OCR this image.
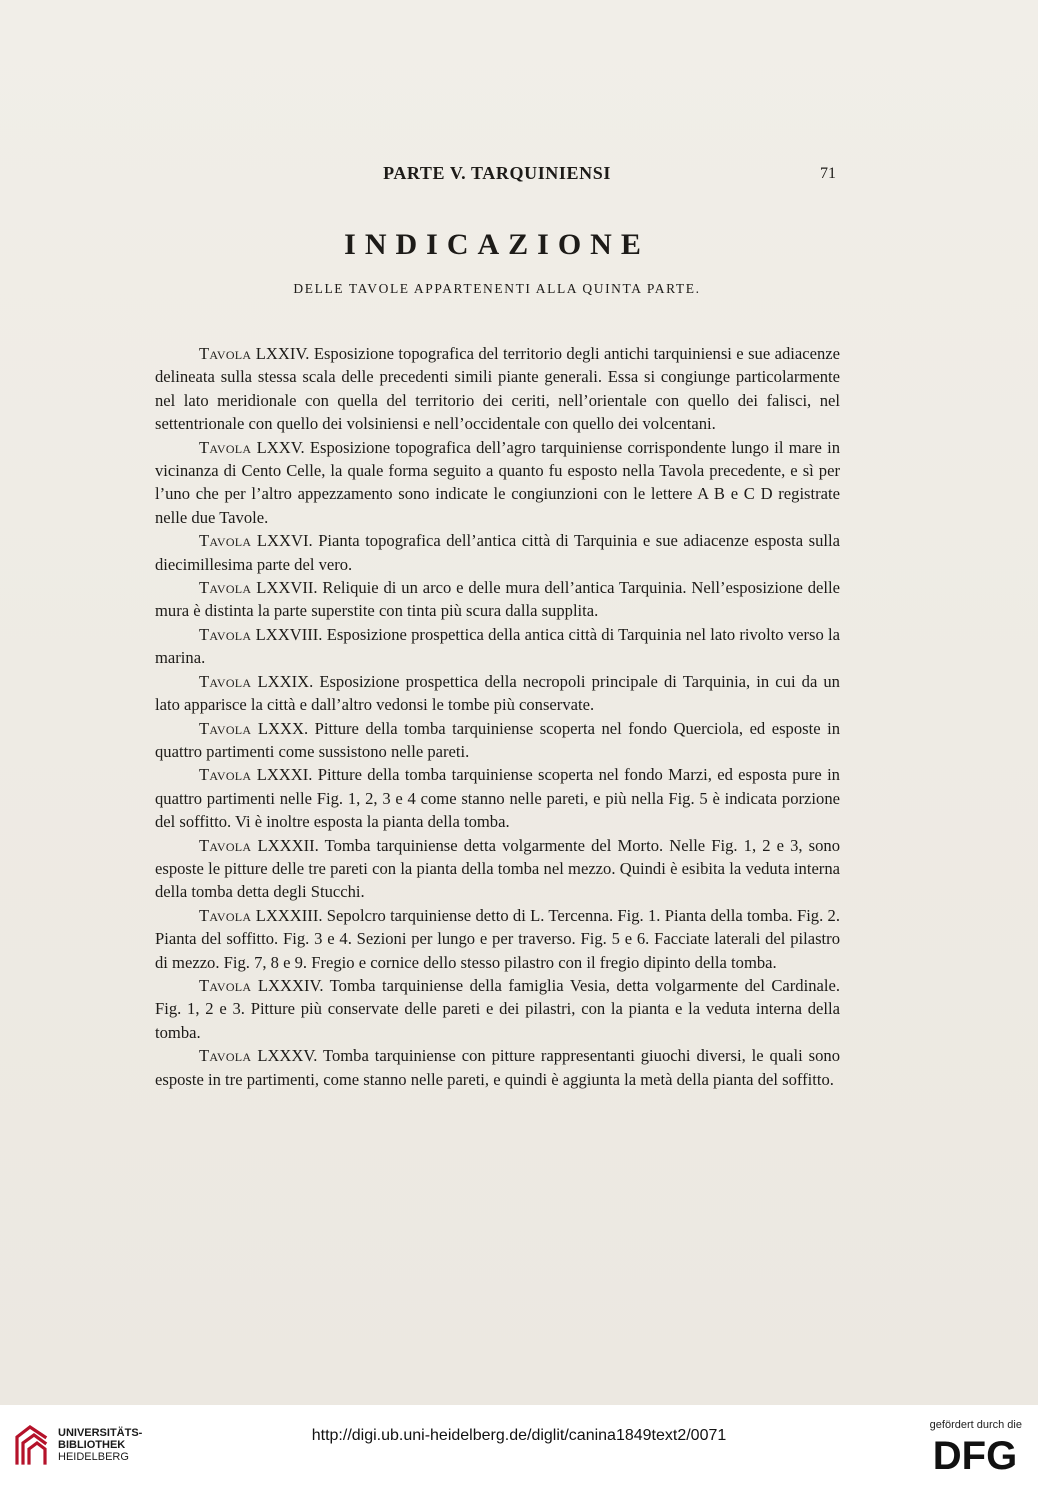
PARTE V. TARQUINIENSI	71
INDICAZIONE
DELLE TAVOLE APPARTENENTI ALLA QUINTA PARTE.

Tavola LXXIV. Esposizione topografica del territorio degli antichi tarquiniensi e sue adiacenze delineata sulla stessa scala delle precedenti simili piante generali. Essa si congiunge particolarmente nel lato meridionale con quella del territorio dei ceriti, nell’orientale con quello dei falisci, nel settentrionale con quello dei volsiniensi e nell’occidentale con quello dei volcentani.

Tavola LXXV. Esposizione topografica dell’agro tarquiniense corrispondente lungo il mare in vicinanza di Cento Celle, la quale forma seguito a quanto fu esposto nella Tavola precedente, e sì per l’uno che per l’altro appezzamento sono indicate le congiunzioni con le lettere A B e C D registrate nelle due Tavole.

Tavola LXXVI. Pianta topografica dell’antica città di Tarquinia e sue adiacenze esposta sulla diecimillesima parte del vero.

Tavola LXXVII. Reliquie di un arco e delle mura dell’antica Tarquinia. Nell’esposizione delle mura è distinta la parte superstite con tinta più scura dalla supplita.

Tavola LXXVIII. Esposizione prospettica della antica città di Tarquinia nel lato rivolto verso la marina.

Tavola LXXIX. Esposizione prospettica della necropoli principale di Tarquinia, in cui da un lato apparisce la città e dall’altro vedonsi le tombe più conservate.

Tavola LXXX. Pitture della tomba tarquiniense scoperta nel fondo Querciola, ed esposte in quattro partimenti come sussistono nelle pareti.

Tavola LXXXI. Pitture della tomba tarquiniense scoperta nel fondo Marzi, ed esposta pure in quattro partimenti nelle Fig. 1, 2, 3 e 4 come stanno nelle pareti, e più nella Fig. 5 è indicata porzione del soffitto. Vi è inoltre esposta la pianta della tomba.

Tavola LXXXII. Tomba tarquiniense detta volgarmente del Morto. Nelle Fig. 1, 2 e 3, sono esposte le pitture delle tre pareti con la pianta della tomba nel mezzo. Quindi è esibita la veduta interna della tomba detta degli Stucchi.

Tavola LXXXIII. Sepolcro tarquiniense detto di L. Tercenna. Fig. 1. Pianta della tomba. Fig. 2. Pianta del soffitto. Fig. 3 e 4. Sezioni per lungo e per traverso. Fig. 5 e 6. Facciate laterali del pilastro di mezzo. Fig. 7, 8 e 9. Fregio e cornice dello stesso pilastro con il fregio dipinto della tomba.

Tavola LXXXIV. Tomba tarquiniense della famiglia Vesia, detta volgarmente del Cardinale. Fig. 1, 2 e 3. Pitture più conservate delle pareti e dei pilastri, con la pianta e la veduta interna della tomba.

Tavola LXXXV. Tomba tarquiniense con pitture rappresentanti giuochi diversi, le quali sono esposte in tre partimenti, come stanno nelle pareti, e quindi è aggiunta la metà della pianta del soffitto.

UNIVERSITÄTS-
BIBLIOTHEK
HEIDELBERG
http://digi.ub.uni-heidelberg.de/diglit/canina1849text2/0071
gefördert durch die
DFG
